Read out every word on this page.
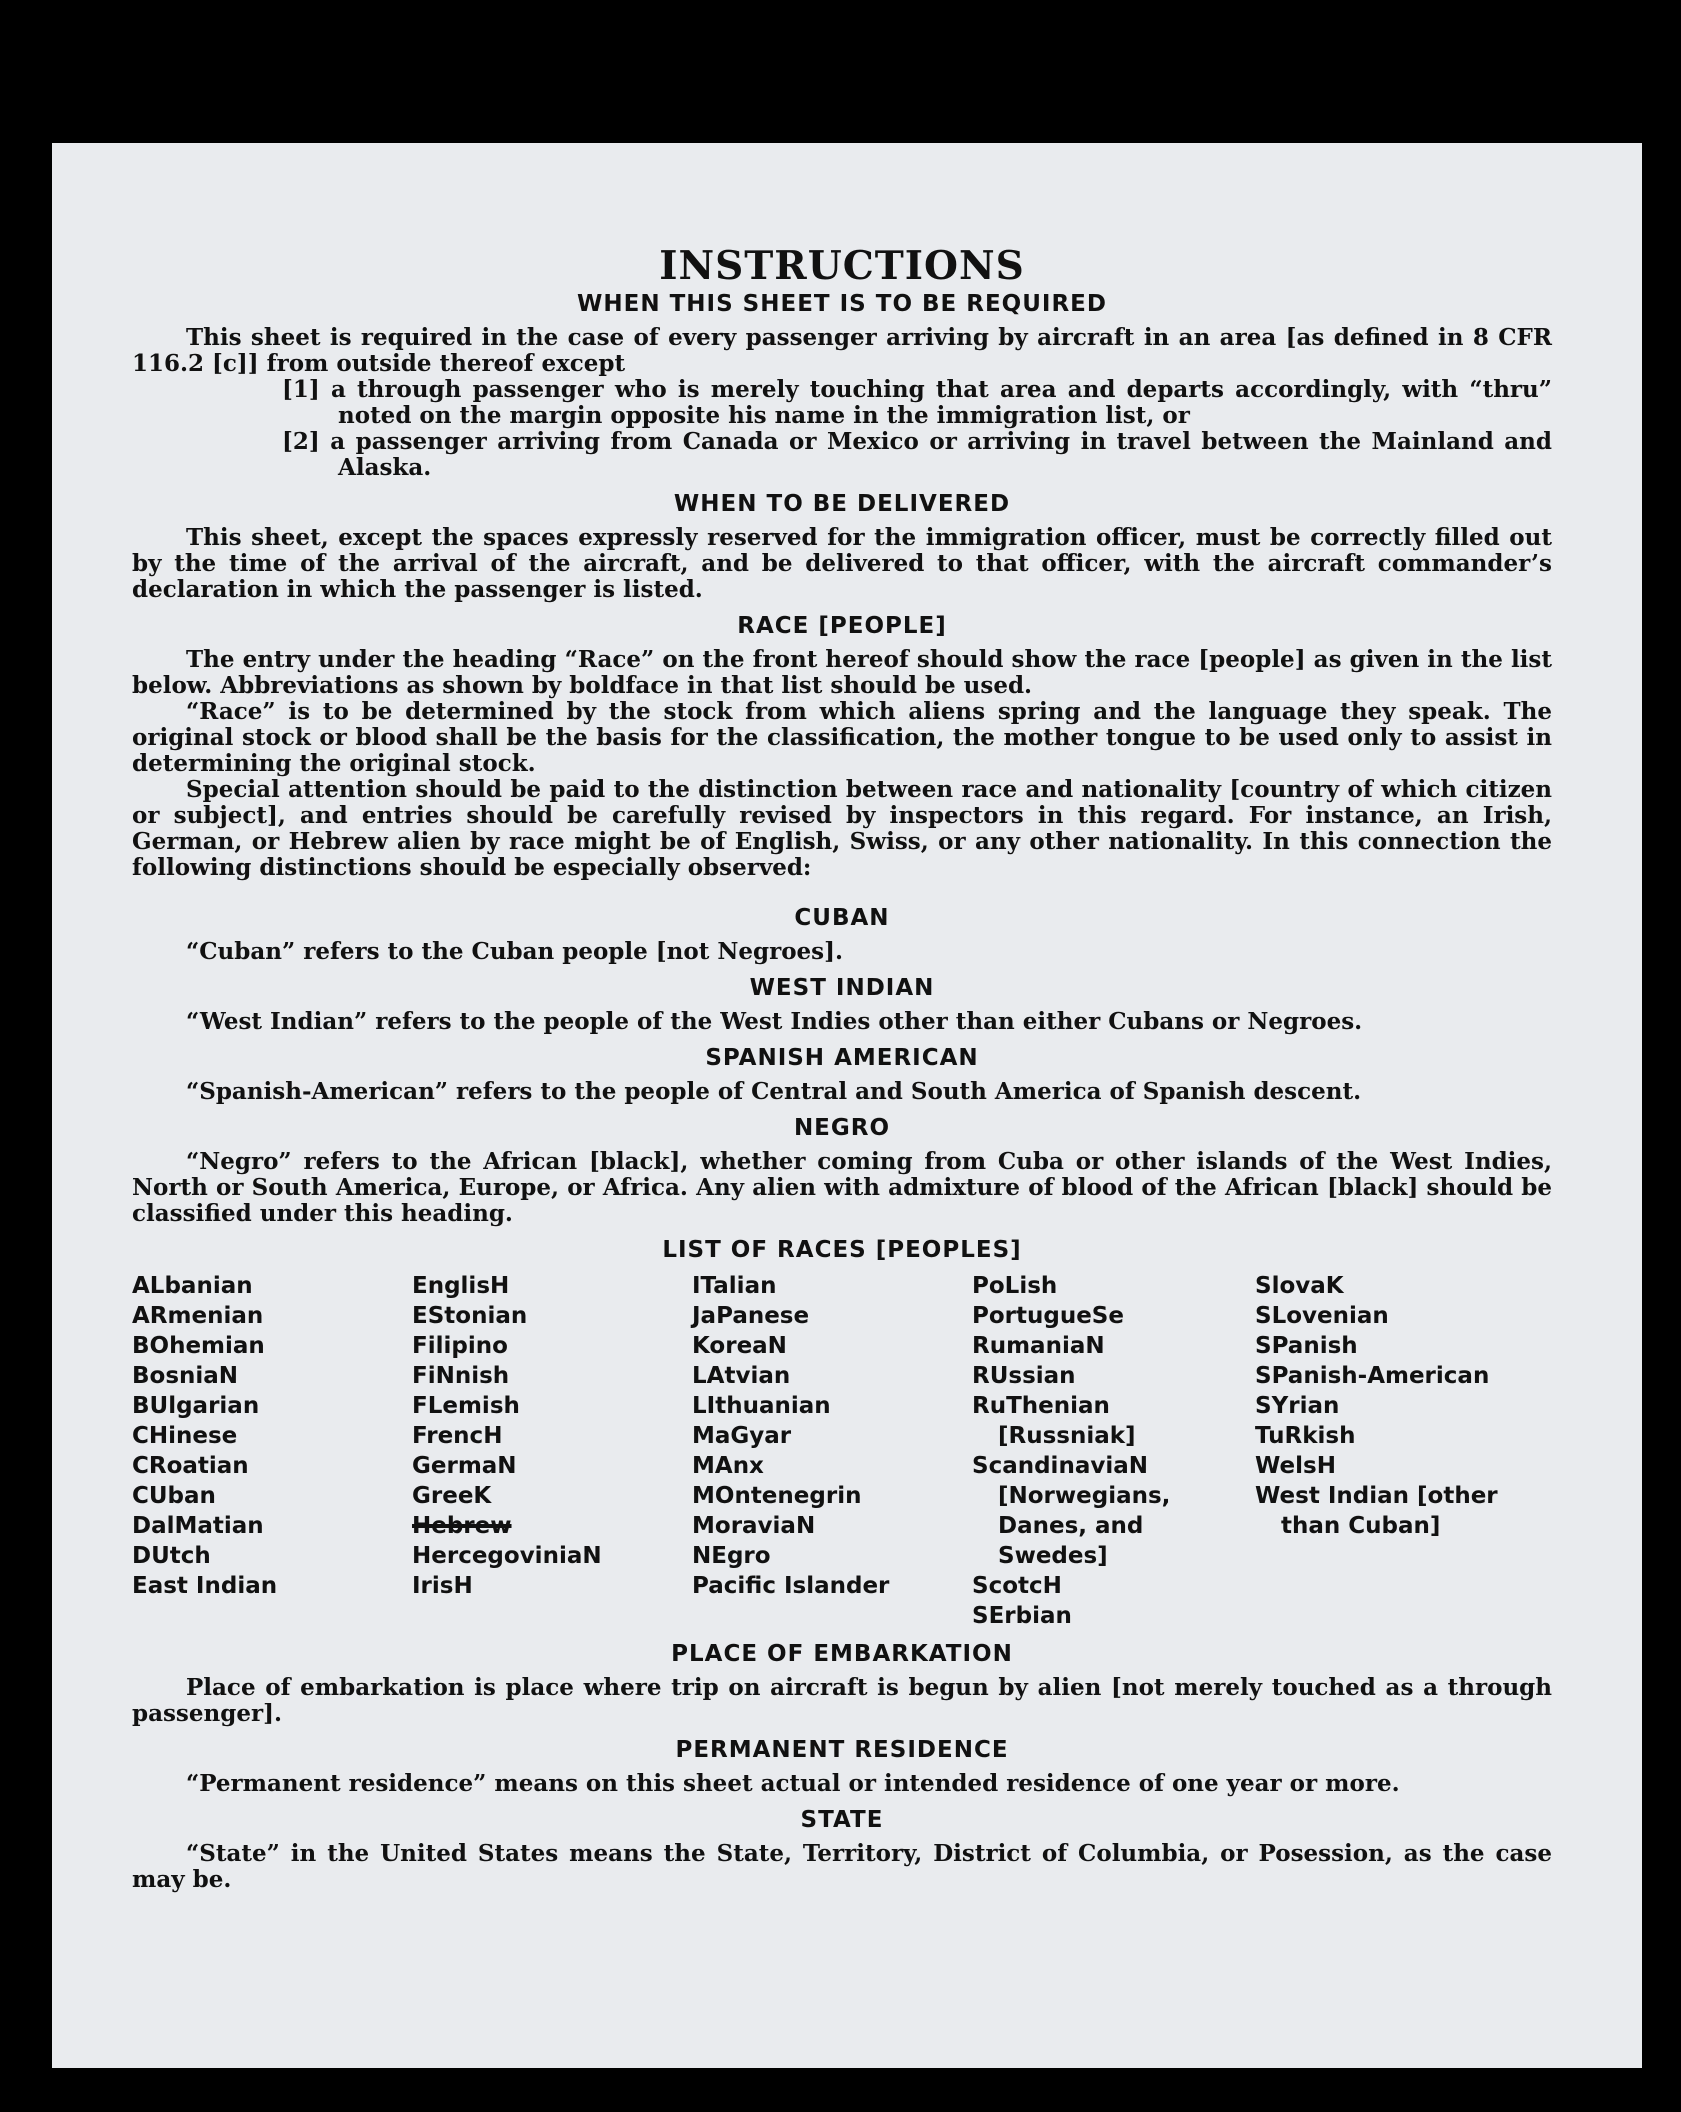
INSTRUCTIONS
WHEN THIS SHEET IS TO BE REQUIRED

This sheet is required in the case of every passenger arriving by aircraft in an area [as defined in 8 CFR 116.2 [c]] from outside thereof except

[1] a through passenger who is merely touching that area and departs accordingly, with “thru” noted on the margin opposite his name in the immigration list, or

[2] a passenger arriving from Canada or Mexico or arriving in travel between the Mainland and Alaska.

WHEN TO BE DELIVERED

This sheet, except the spaces expressly reserved for the immigration officer, must be correctly filled out by the time of the arrival of the aircraft, and be delivered to that officer, with the aircraft commander’s declaration in which the passenger is listed.

RACE [PEOPLE]

The entry under the heading “Race” on the front hereof should show the race [people] as given in the list below. Abbreviations as shown by boldface in that list should be used.

“Race” is to be determined by the stock from which aliens spring and the language they speak. The original stock or blood shall be the basis for the classification, the mother tongue to be used only to assist in determining the original stock.

Special attention should be paid to the distinction between race and nationality [country of which citizen or subject], and entries should be carefully revised by inspectors in this regard. For instance, an Irish, German, or Hebrew alien by race might be of English, Swiss, or any other nationality. In this connection the following distinctions should be especially observed:

CUBAN

“Cuban” refers to the Cuban people [not Negroes].

WEST INDIAN

“West Indian” refers to the people of the West Indies other than either Cubans or Negroes.

SPANISH AMERICAN

“Spanish-American” refers to the people of Central and South America of Spanish descent.

NEGRO

“Negro” refers to the African [black], whether coming from Cuba or other islands of the West Indies, North or South America, Europe, or Africa. Any alien with admixture of blood of the African [black] should be classified under this heading.

LIST OF RACES [PEOPLES]
ALbanian
ARmenian
BOhemian
BosniaN
BUlgarian
CHinese
CRoatian
CUban
DalMatian
DUtch
East Indian
EnglisH
EStonian
Filipino
FiNnish
FLemish
FrencH
GermaN
GreeK
Hebrew
HercegoviniaN
IrisH
ITalian
JaPanese
KoreaN
LAtvian
LIthuanian
MaGyar
MAnx
MOntenegrin
MoraviaN
NEgro
Pacific Islander
PoLish
PortugueSe
RumaniaN
RUssian
RuThenian [Russniak]
ScandinaviaN [Norwegians, Danes, and Swedes]
ScotcH
SErbian
SlovaK
SLovenian
SPanish
SPanish-American
SYrian
TuRkish
WelsH
West Indian [other than Cuban]
PLACE OF EMBARKATION

Place of embarkation is place where trip on aircraft is begun by alien [not merely touched as a through passenger].

PERMANENT RESIDENCE

“Permanent residence” means on this sheet actual or intended residence of one year or more.

STATE

“State” in the United States means the State, Territory, District of Columbia, or Posession, as the case may be.
